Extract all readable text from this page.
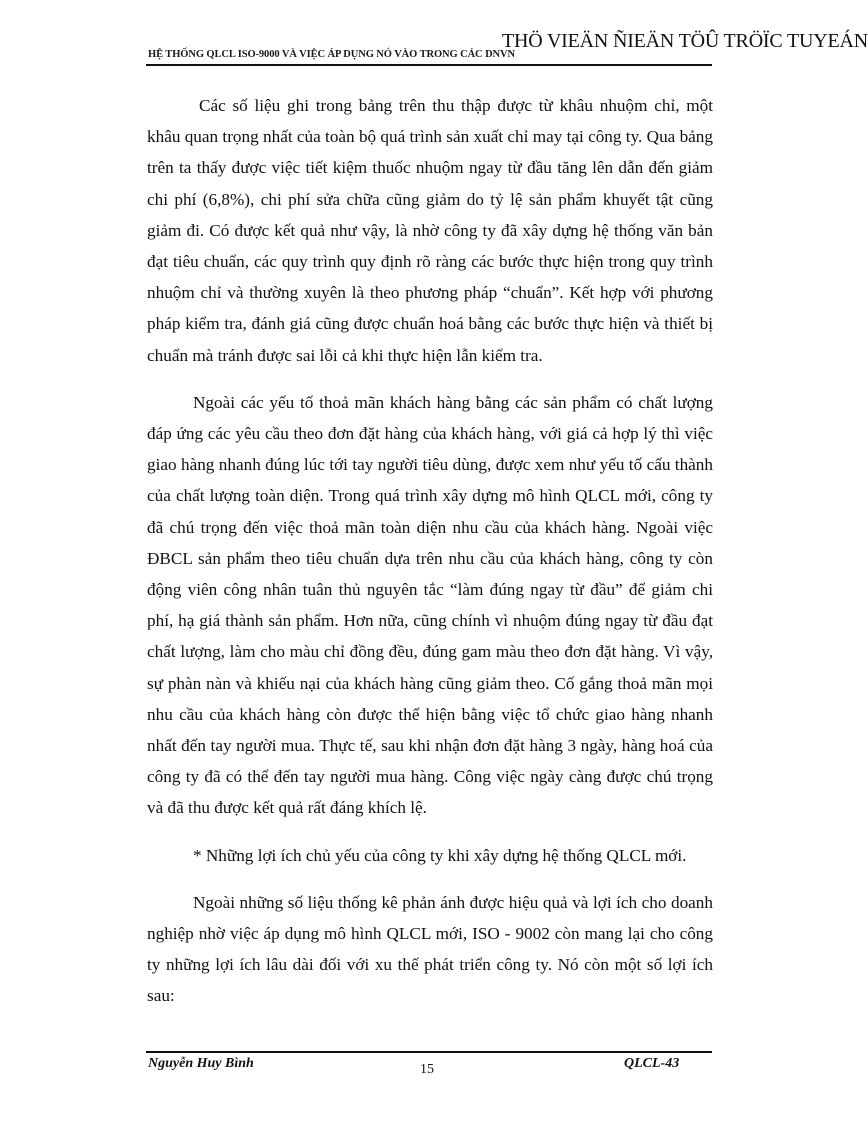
HỆ THỐNG QLCL ISO-9000 VÀ VIỆC ÁP DỤNG NÓ VÀO TRONG CÁC DNVN
THÖ VIEÄN ÑIEÄN TÖÛ TRÖÏC TUYEÁN

Các số liệu ghi trong bảng trên thu thập được từ khâu nhuộm chỉ, một khâu quan trọng nhất của toàn bộ quá trình sản xuất chỉ may tại công ty. Qua bảng trên ta thấy được việc tiết kiệm thuốc nhuộm ngay từ đầu tăng lên dẫn đến giảm chi phí (6,8%), chi phí sửa chữa cũng giảm do tỷ lệ sản phẩm khuyết tật cũng giảm đi. Có được kết quả như vậy, là nhờ công ty đã xây dựng hệ thống văn bản đạt tiêu chuẩn, các quy trình quy định rõ ràng các bước thực hiện trong quy trình nhuộm chỉ và thường xuyên là theo phương pháp “chuẩn”. Kết hợp với phương pháp kiểm tra, đánh giá cũng được chuẩn hoá bằng các bước thực hiện và thiết bị chuẩn mà tránh được sai lỗi cả khi thực hiện lẫn kiểm tra.

Ngoài các yếu tố thoả mãn khách hàng bằng các sản phẩm có chất lượng đáp ứng các yêu cầu theo đơn đặt hàng của khách hàng, với giá cả hợp lý thì việc giao hàng nhanh đúng lúc tới tay người tiêu dùng, được xem như yếu tố cấu thành của chất lượng toàn diện. Trong quá trình xây dựng mô hình QLCL mới, công ty đã chú trọng đến việc thoả mãn toàn diện nhu cầu của khách hàng. Ngoài việc ĐBCL sản phẩm theo tiêu chuẩn dựa trên nhu cầu của khách hàng, công ty còn động viên công nhân tuân thủ nguyên tắc “làm đúng ngay từ đầu” để giảm chi phí, hạ giá thành sản phẩm. Hơn nữa, cũng chính vì nhuộm đúng ngay từ đầu đạt chất lượng, làm cho màu chỉ đồng đều, đúng gam màu theo đơn đặt hàng. Vì vậy, sự phàn nàn và khiếu nại của khách hàng cũng giảm theo. Cố gắng thoả mãn mọi nhu cầu của khách hàng còn được thể hiện bằng việc tổ chức giao hàng nhanh nhất đến tay người mua. Thực tế, sau khi nhận đơn đặt hàng 3 ngày, hàng hoá của công ty đã có thể đến tay người mua hàng. Công việc ngày càng được chú trọng và đã thu được kết quả rất đáng khích lệ.

* Những lợi ích chủ yếu của công ty khi xây dựng hệ thống QLCL mới.

Ngoài những số liệu thống kê phản ánh được hiệu quả và lợi ích cho doanh nghiệp nhờ việc áp dụng mô hình QLCL mới, ISO - 9002 còn mang lại cho công ty những lợi ích lâu dài đối với xu thế phát triển công ty. Nó còn một số lợi ích sau:

Nguyễn Huy Bình	15	QLCL-43
